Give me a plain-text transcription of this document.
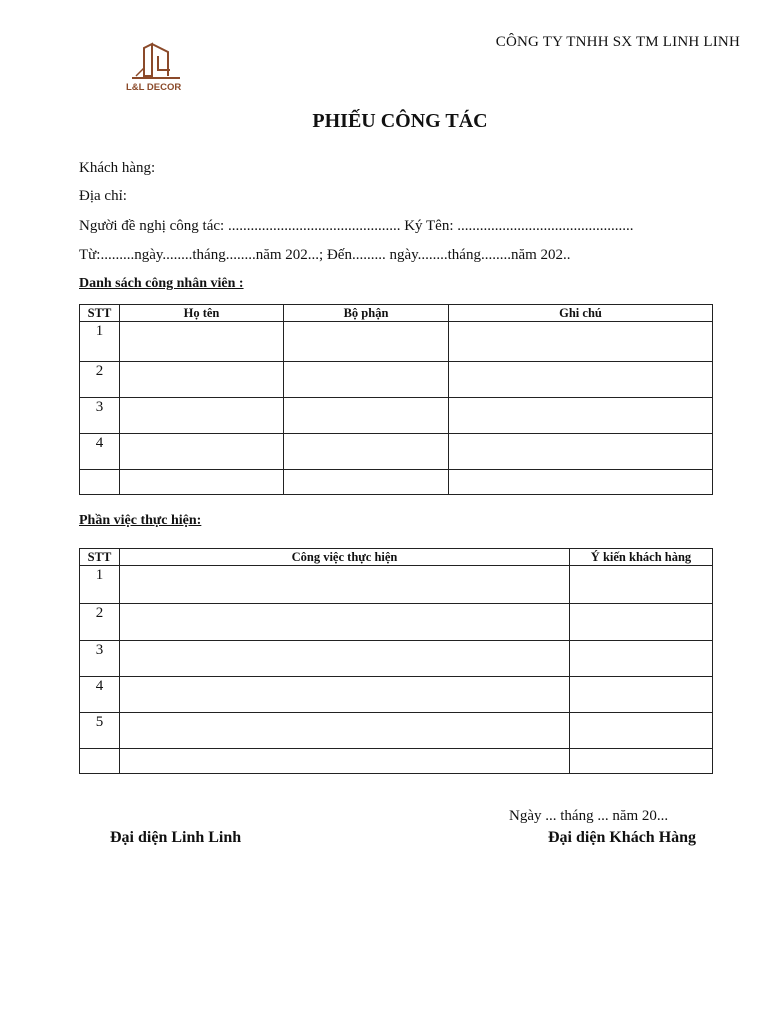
CÔNG TY TNHH SX TM LINH LINH
L&L DECOR
PHIẾU CÔNG TÁC
Khách hàng:
Địa chỉ:
Người đề nghị công tác: .............................................. Ký Tên: ...............................................
Từ:.........ngày........tháng........năm 202...; Đến......... ngày........tháng........năm 202..
Danh sách công nhân viên :
STT	Họ tên	Bộ phận	Ghi chú
1			
2			
3			
4			

Phần việc thực hiện:
STT	Công việc thực hiện	Ý kiến khách hàng
1		
2		
3		
4		
5		

Ngày ... tháng ... năm 20...
Đại diện Linh Linh	Đại diện Khách Hàng
